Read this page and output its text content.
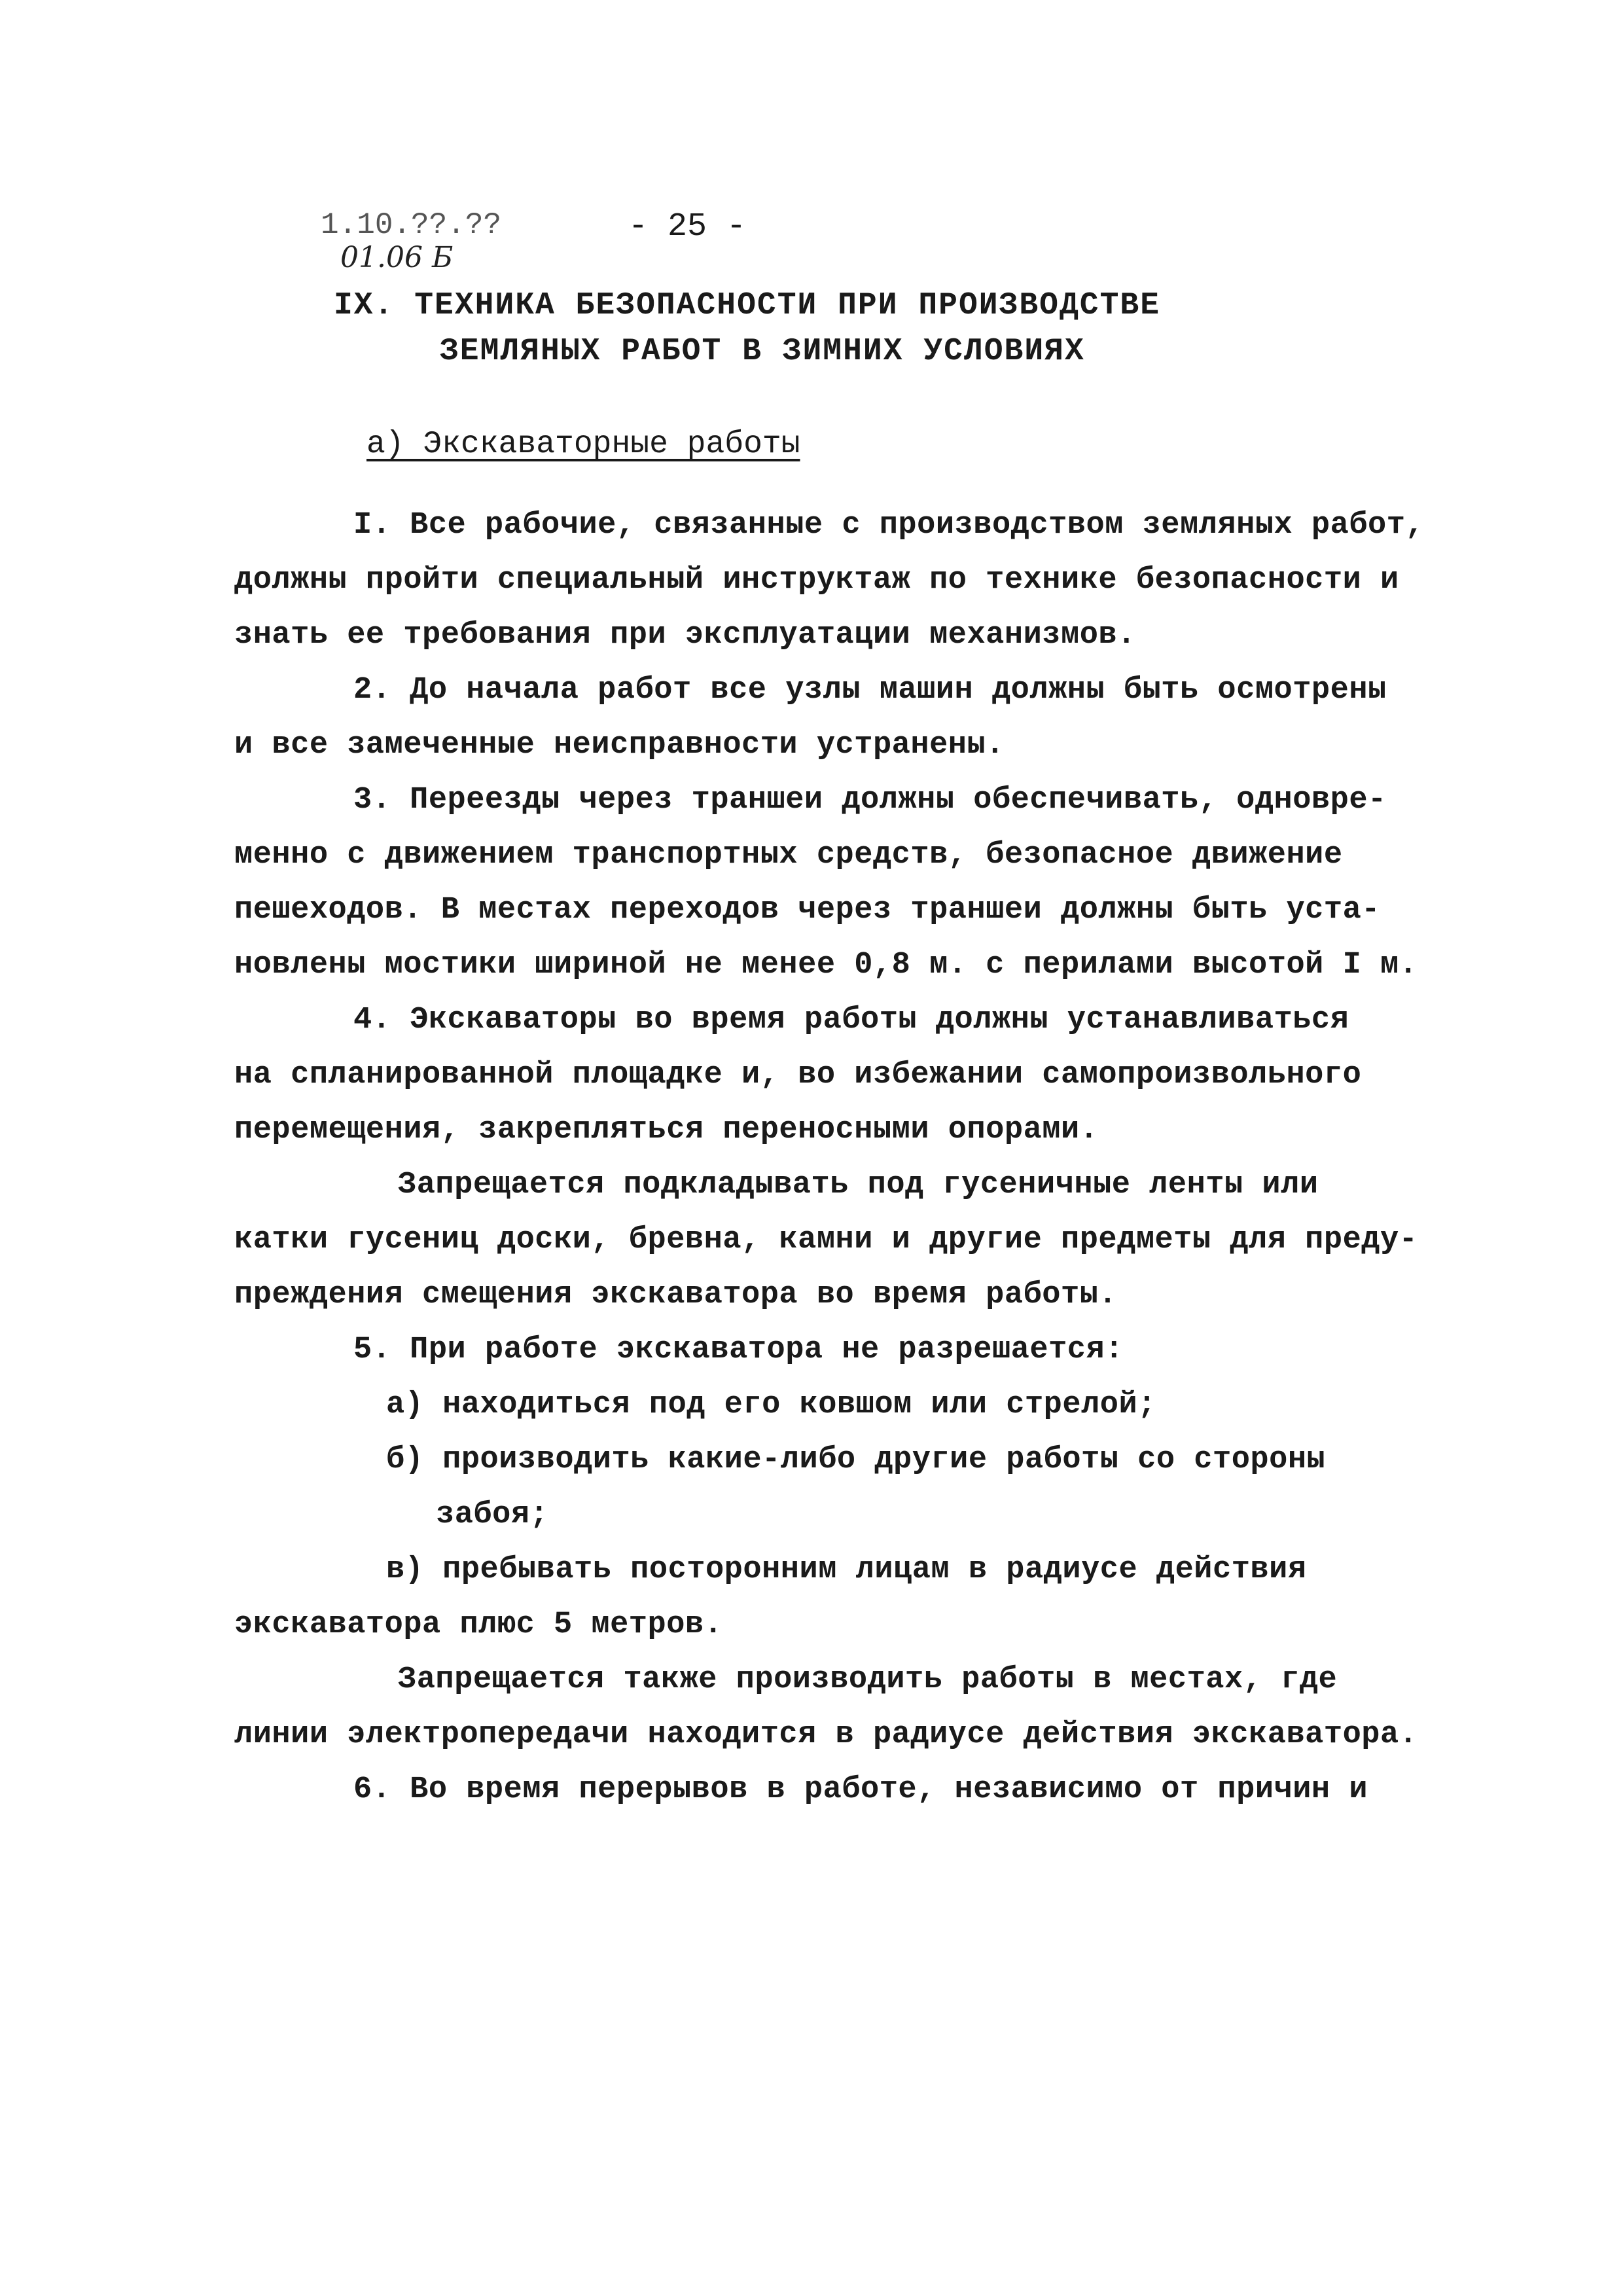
1.10.??.??
01.06 Б
- 25 -
IX. ТЕХНИКА БЕЗОПАСНОСТИ ПРИ ПРОИЗВОДСТВЕ
ЗЕМЛЯНЫХ РАБОТ В ЗИМНИХ УСЛОВИЯХ
а) Экскаваторные работы
I. Все рабочие, связанные с производством земляных работ,
должны пройти специальный инструктаж по технике безопасности и
знать ее требования при эксплуатации механизмов.
2. До начала работ все узлы машин должны быть осмотрены
и все замеченные неисправности устранены.
3. Переезды через траншеи должны обеспечивать, одновре-
менно с движением транспортных средств, безопасное движение
пешеходов. В местах переходов через траншеи должны быть уста-
новлены мостики шириной не менее 0,8 м. с перилами высотой I м.
4. Экскаваторы во время работы должны устанавливаться
на спланированной площадке и, во избежании самопроизвольного
перемещения, закрепляться переносными опорами.
Запрещается подкладывать под гусеничные ленты или
катки гусениц доски, бревна, камни и другие предметы для преду-
преждения смещения экскаватора во время работы.
5. При работе экскаватора не разрешается:
а) находиться под его ковшом или стрелой;
б) производить какие-либо другие работы со стороны
забоя;
в) пребывать посторонним лицам в радиусе действия
экскаватора плюс 5 метров.
Запрещается также производить работы в местах, где
линии электропередачи находится в радиусе действия экскаватора.
6. Во время перерывов в работе, независимо от причин и
